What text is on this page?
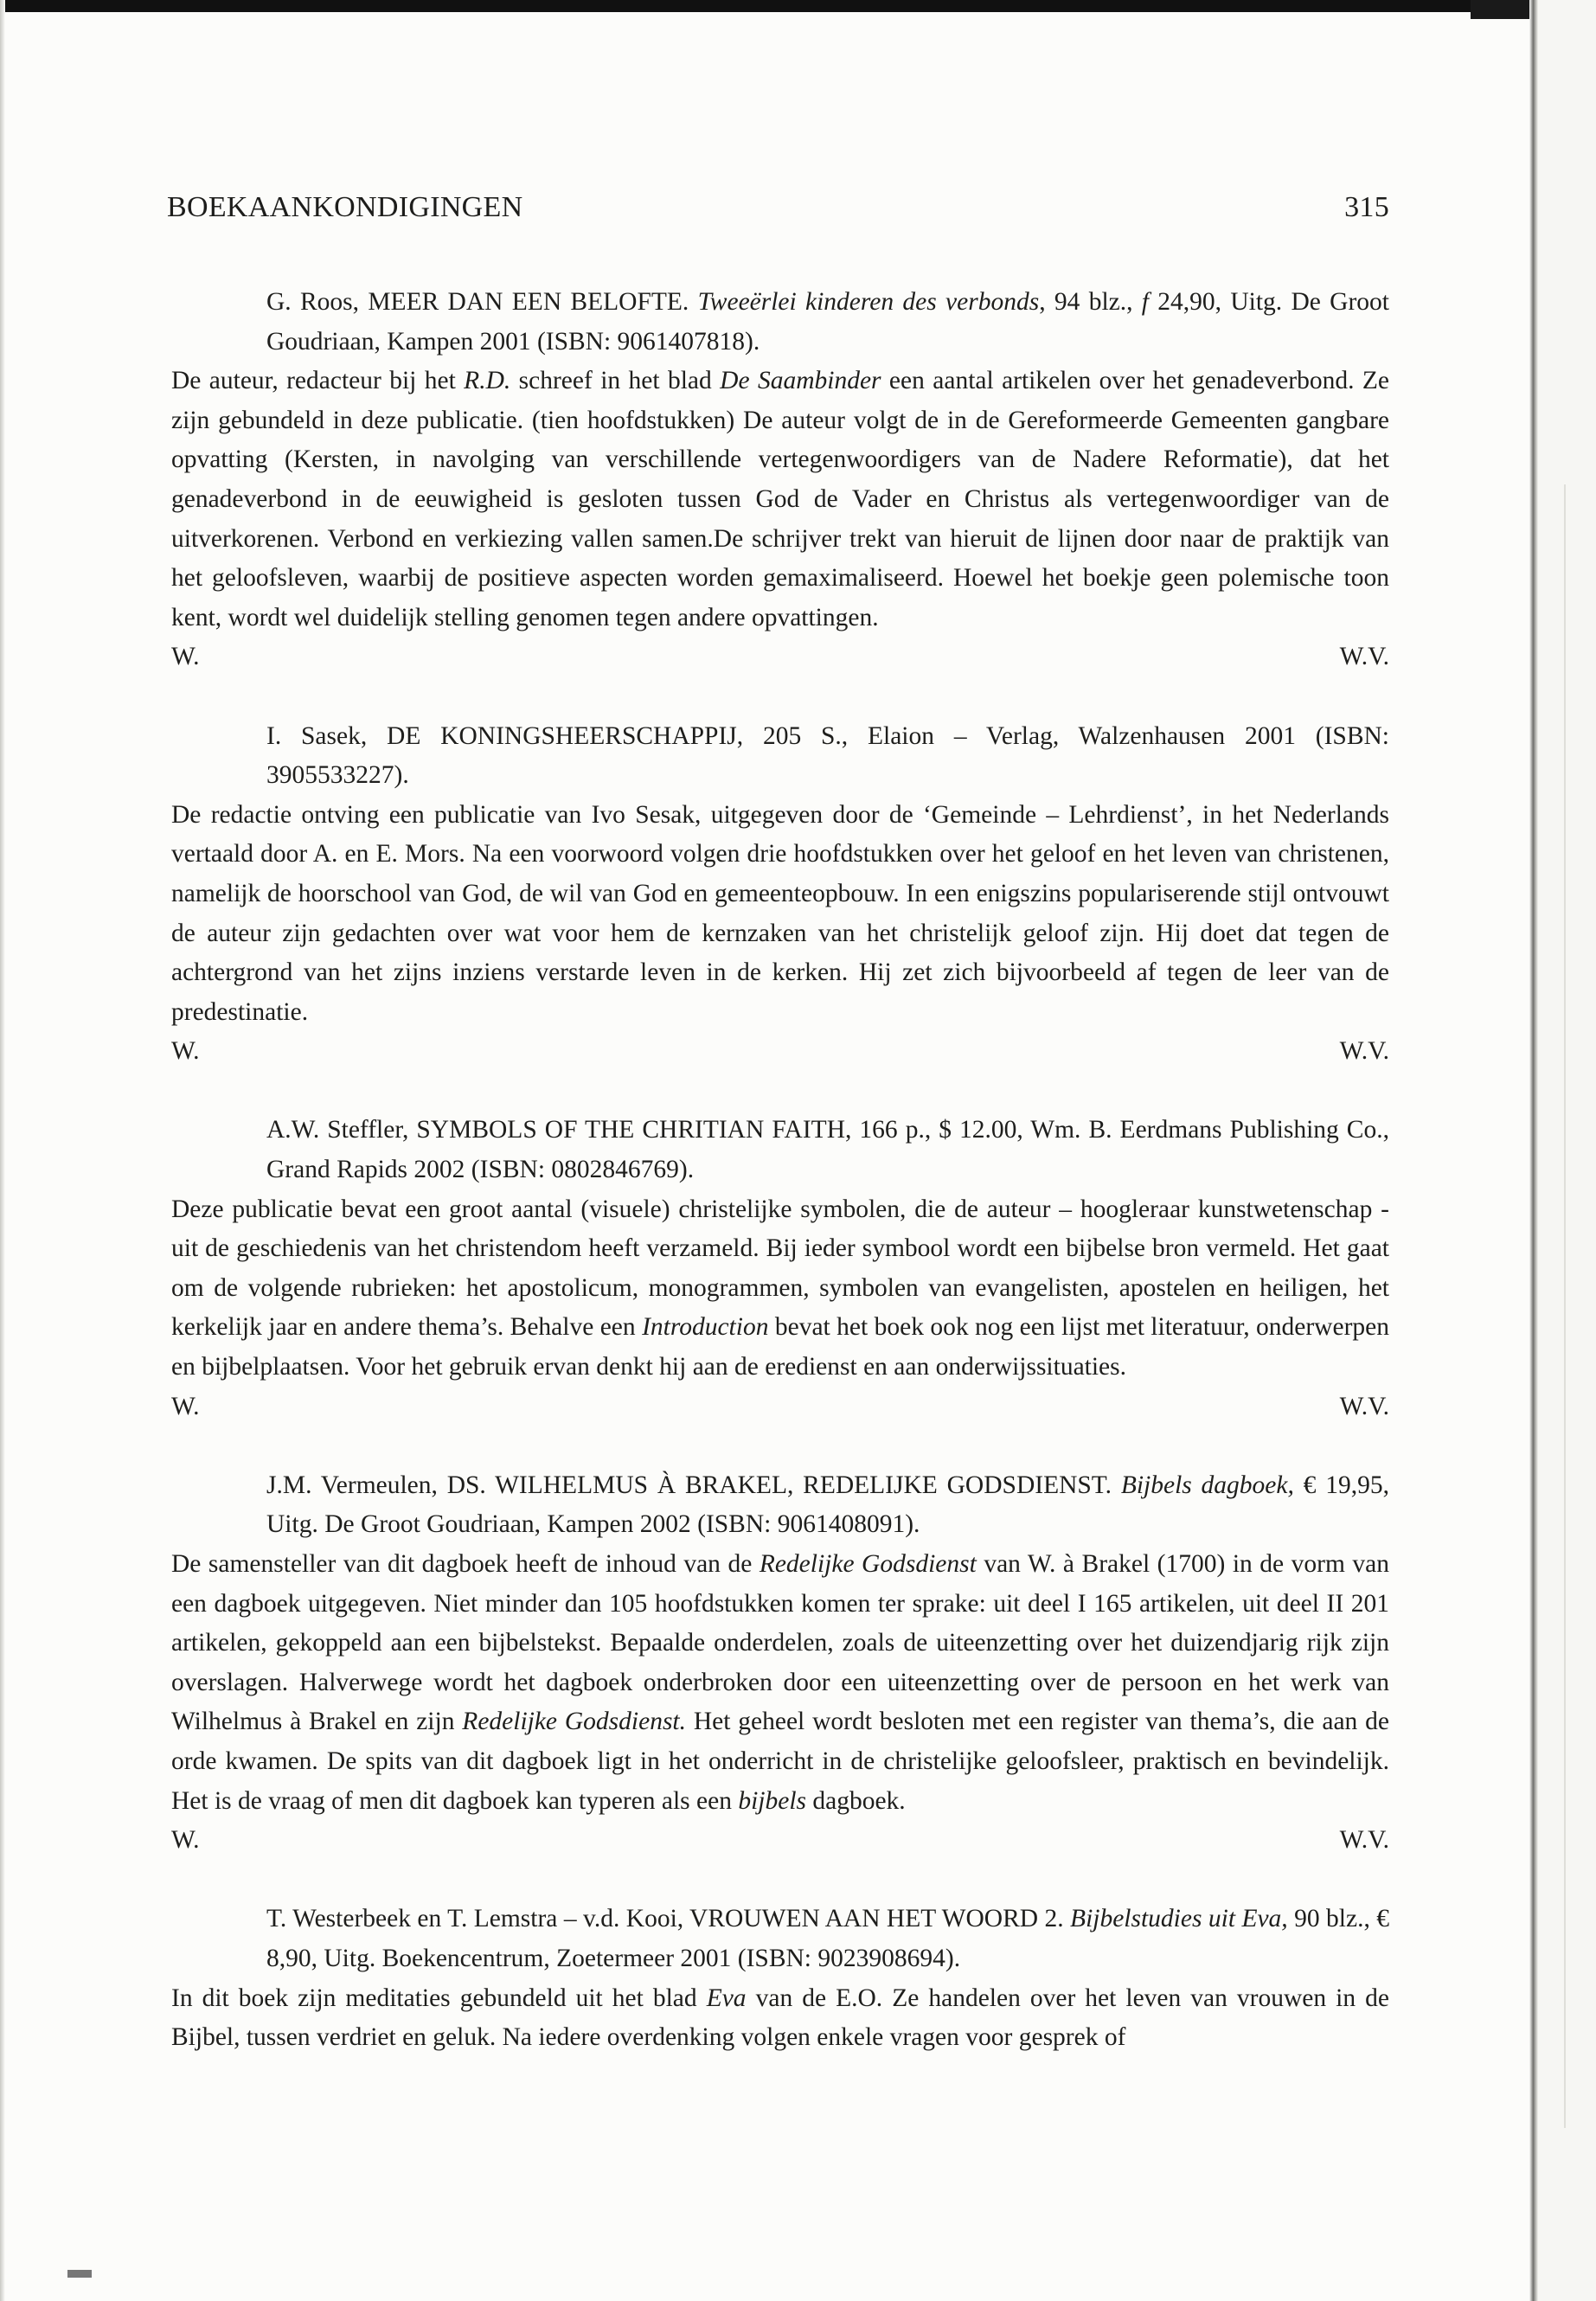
BOEKAANKONDIGINGEN	315

G. Roos, MEER DAN EEN BELOFTE. Tweeërlei kinderen des verbonds, 94 blz., f 24,90, Uitg. De Groot Goudriaan, Kampen 2001 (ISBN: 9061407818).

De auteur, redacteur bij het R.D. schreef in het blad De Saambinder een aantal artikelen over het genadeverbond. Ze zijn gebundeld in deze publicatie. (tien hoofdstukken) De auteur volgt de in de Gereformeerde Gemeenten gangbare opvatting (Kersten, in navolging van verschillende vertegenwoordigers van de Nadere Reformatie), dat het genadeverbond in de eeuwigheid is gesloten tussen God de Vader en Christus als vertegenwoordiger van de uitverkorenen. Verbond en verkiezing vallen samen.De schrijver trekt van hieruit de lijnen door naar de praktijk van het geloofsleven, waarbij de positieve aspecten worden gemaximaliseerd. Hoewel het boekje geen polemische toon kent, wordt wel duidelijk stelling genomen tegen andere opvattingen.

W.	W.V.

I. Sasek, DE KONINGSHEERSCHAPPIJ, 205 S., Elaion – Verlag, Walzenhausen 2001 (ISBN: 3905533227).

De redactie ontving een publicatie van Ivo Sesak, uitgegeven door de ‘Gemeinde – Lehrdienst’, in het Nederlands vertaald door A. en E. Mors. Na een voorwoord volgen drie hoofdstukken over het geloof en het leven van christenen, namelijk de hoorschool van God, de wil van God en gemeenteopbouw. In een enigszins populariserende stijl ontvouwt de auteur zijn gedachten over wat voor hem de kernzaken van het christelijk geloof zijn. Hij doet dat tegen de achtergrond van het zijns inziens verstarde leven in de kerken. Hij zet zich bijvoorbeeld af tegen de leer van de predestinatie.

W.	W.V.

A.W. Steffler, SYMBOLS OF THE CHRITIAN FAITH, 166 p., $ 12.00, Wm. B. Eerdmans Publishing Co., Grand Rapids 2002 (ISBN: 0802846769).

Deze publicatie bevat een groot aantal (visuele) christelijke symbolen, die de auteur – hoogleraar kunstwetenschap - uit de geschiedenis van het christendom heeft verzameld. Bij ieder symbool wordt een bijbelse bron vermeld. Het gaat om de volgende rubrieken: het apostolicum, monogrammen, symbolen van evangelisten, apostelen en heiligen, het kerkelijk jaar en andere thema’s. Behalve een Introduction bevat het boek ook nog een lijst met literatuur, onderwerpen en bijbelplaatsen. Voor het gebruik ervan denkt hij aan de eredienst en aan onderwijssituaties.

W.	W.V.

J.M. Vermeulen, DS. WILHELMUS À BRAKEL, REDELIJKE GODSDIENST. Bijbels dagboek, € 19,95, Uitg. De Groot Goudriaan, Kampen 2002 (ISBN: 9061408091).

De samensteller van dit dagboek heeft de inhoud van de Redelijke Godsdienst van W. à Brakel (1700) in de vorm van een dagboek uitgegeven. Niet minder dan 105 hoofdstukken komen ter sprake: uit deel I 165 artikelen, uit deel II 201 artikelen, gekoppeld aan een bijbelstekst. Bepaalde onderdelen, zoals de uiteenzetting over het duizendjarig rijk zijn overslagen. Halverwege wordt het dagboek onderbroken door een uiteenzetting over de persoon en het werk van Wilhelmus à Brakel en zijn Redelijke Godsdienst. Het geheel wordt besloten met een register van thema’s, die aan de orde kwamen. De spits van dit dagboek ligt in het onderricht in de christelijke geloofsleer, praktisch en bevindelijk. Het is de vraag of men dit dagboek kan typeren als een bijbels dagboek.

W.	W.V.

T. Westerbeek en T. Lemstra – v.d. Kooi, VROUWEN AAN HET WOORD 2. Bijbelstudies uit Eva, 90 blz., € 8,90, Uitg. Boekencentrum, Zoetermeer 2001 (ISBN: 9023908694).

In dit boek zijn meditaties gebundeld uit het blad Eva van de E.O. Ze handelen over het leven van vrouwen in de Bijbel, tussen verdriet en geluk. Na iedere overdenking volgen enkele vragen voor gesprek of
